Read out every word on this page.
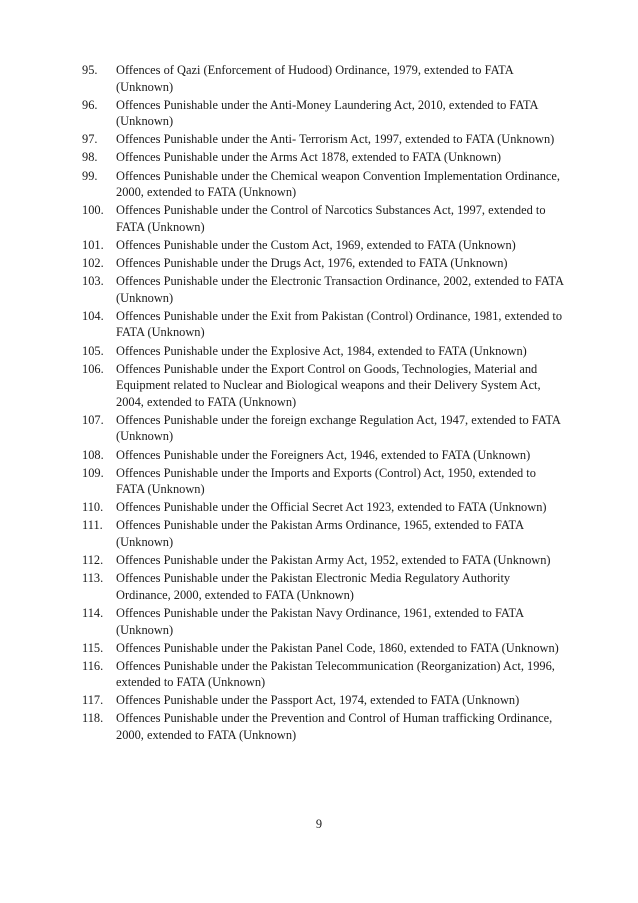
95.	Offences of Qazi (Enforcement of Hudood) Ordinance, 1979, extended to FATA (Unknown)
96.	Offences Punishable under the Anti-Money Laundering Act, 2010, extended to FATA (Unknown)
97.	Offences Punishable under the Anti- Terrorism Act, 1997, extended to FATA (Unknown)
98.	Offences Punishable under the Arms Act 1878, extended to FATA (Unknown)
99.	Offences Punishable under the Chemical weapon Convention Implementation Ordinance, 2000, extended to FATA (Unknown)
100. Offences Punishable under the Control of Narcotics Substances Act, 1997, extended to FATA (Unknown)
101. Offences Punishable under the Custom Act, 1969, extended to FATA (Unknown)
102. Offences Punishable under the Drugs Act, 1976, extended to FATA (Unknown)
103. Offences Punishable under the Electronic Transaction Ordinance, 2002, extended to FATA (Unknown)
104. Offences Punishable under the Exit from Pakistan (Control) Ordinance, 1981, extended to FATA (Unknown)
105. Offences Punishable under the Explosive Act, 1984, extended to FATA (Unknown)
106. Offences Punishable under the Export Control on Goods, Technologies, Material and Equipment related to Nuclear and Biological weapons and their Delivery System Act, 2004, extended to FATA (Unknown)
107. Offences Punishable under the foreign exchange Regulation Act, 1947, extended to FATA (Unknown)
108. Offences Punishable under the Foreigners Act, 1946, extended to FATA (Unknown)
109. Offences Punishable under the Imports and Exports (Control) Act, 1950, extended to FATA (Unknown)
110.	Offences Punishable under the Official Secret Act 1923, extended to FATA (Unknown)
111.	Offences Punishable under the Pakistan Arms Ordinance, 1965, extended to FATA (Unknown)
112.	Offences Punishable under the Pakistan Army Act, 1952, extended to FATA (Unknown)
113.	Offences Punishable under the Pakistan Electronic Media Regulatory Authority Ordinance, 2000, extended to FATA (Unknown)
114.	Offences Punishable under the Pakistan Navy Ordinance, 1961, extended to FATA (Unknown)
115.	Offences Punishable under the Pakistan Panel Code, 1860, extended to FATA (Unknown)
116.	Offences Punishable under the Pakistan Telecommunication (Reorganization) Act, 1996, extended to FATA (Unknown)
117.	Offences Punishable under the Passport Act, 1974, extended to FATA (Unknown)
118.	Offences Punishable under the Prevention and Control of Human trafficking Ordinance, 2000, extended to FATA (Unknown)
9
